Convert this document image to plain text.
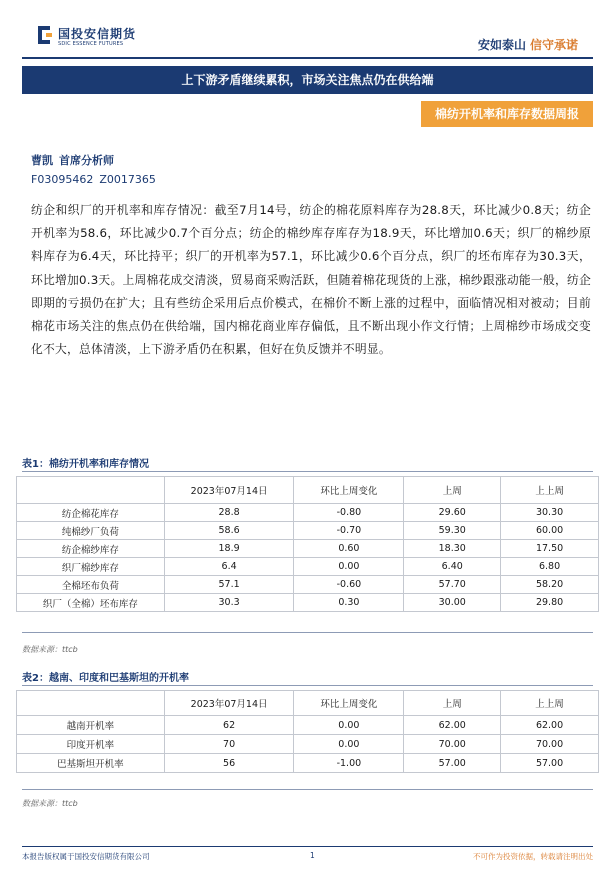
国投安信期货
SDIC ESSENCE FUTURES	安如泰山 信守承诺
上下游矛盾继续累积，市场关注焦点仍在供给端
棉纺开机率和库存数据周报
曹凯 首席分析师
F03095462 Z0017365
纺企和织厂的开机率和库存情况：截至7月14号，纺企的棉花原料库存为28.8天，环比减少0.8天；纺企开机率为58.6，环比减少0.7个百分点；纺企的棉纱库存库存为18.9天，环比增加0.6天；织厂的棉纱原料库存为6.4天，环比持平；织厂的开机率为57.1，环比减少0.6个百分点，织厂的坯布库存为30.3天，环比增加0.3天。上周棉花成交清淡，贸易商采购活跃，但随着棉花现货的上涨，棉纱跟涨动能一般，纺企即期的亏损仍在扩大；且有些纺企采用后点价模式，在棉价不断上涨的过程中，面临情况相对被动；目前棉花市场关注的焦点仍在供给端，国内棉花商业库存偏低，且不断出现小作文行情；上周棉纱市场成交变化不大，总体清淡，上下游矛盾仍在积累，但好在负反馈并不明显。
表1：棉纺开机率和库存情况
	2023年07月14日	环比上周变化	上周	上上周
纺企棉花库存	28.8	-0.80	29.60	30.30
纯棉纱厂负荷	58.6	-0.70	59.30	60.00
纺企棉纱库存	18.9	0.60	18.30	17.50
织厂棉纱库存	6.4	0.00	6.40	6.80
全棉坯布负荷	57.1	-0.60	57.70	58.20
织厂（全棉）坯布库存	30.3	0.30	30.00	29.80
数据来源：ttcb
表2：越南、印度和巴基斯坦的开机率
	2023年07月14日	环比上周变化	上周	上上周
越南开机率	62	0.00	62.00	62.00
印度开机率	70	0.00	70.00	70.00
巴基斯坦开机率	56	-1.00	57.00	57.00
数据来源：ttcb
本报告版权属于国投安信期货有限公司	1	不可作为投资依据，转载请注明出处
